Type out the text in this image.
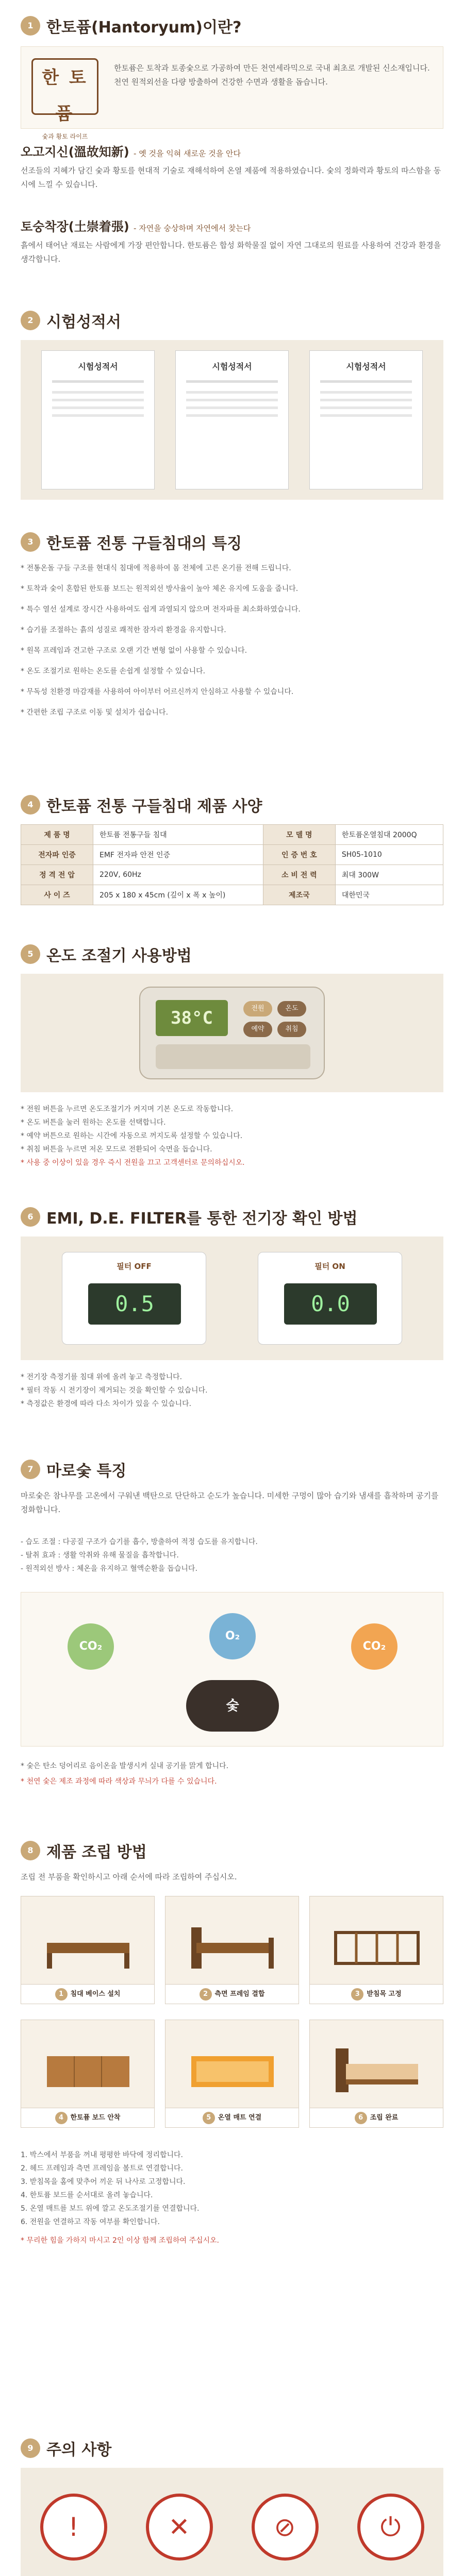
1 한토퓸(Hantoryum)이란?
한 토 퓸
숯과 황토 라이프
한토퓸은 토착과 토종숯으로 가공하여 만든 천연세라믹으로 국내 최초로 개발된 신소재입니다. 천연 원적외선을 다량 방출하여 건강한 수면과 생활을 돕습니다.
오고지신(溫故知新) - 옛 것을 익혀 새로운 것을 안다
선조들의 지혜가 담긴 숯과 황토를 현대적 기술로 재해석하여 온열 제품에 적용하였습니다. 숯의 정화력과 황토의 따스함을 동시에 느낄 수 있습니다.
토숭착장(土崇着張) - 자연을 숭상하며 자연에서 찾는다
흙에서 태어난 재료는 사람에게 가장 편안합니다. 한토퓸은 합성 화학물질 없이 자연 그대로의 원료를 사용하여 건강과 환경을 생각합니다.
2 시험성적서
시험성적서	시험성적서	시험성적서
3 한토퓸 전통 구들침대의 특징
* 전통온돌 구들 구조를 현대식 침대에 적용하여 몸 전체에 고른 온기를 전해 드립니다.
* 토착과 숯이 혼합된 한토퓸 보드는 원적외선 방사율이 높아 체온 유지에 도움을 줍니다.
* 특수 열선 설계로 장시간 사용하여도 쉽게 과열되지 않으며 전자파를 최소화하였습니다.
* 습기를 조절하는 흙의 성질로 쾌적한 잠자리 환경을 유지합니다.
* 원목 프레임과 견고한 구조로 오랜 기간 변형 없이 사용할 수 있습니다.
* 온도 조절기로 원하는 온도를 손쉽게 설정할 수 있습니다.
* 무독성 친환경 마감재를 사용하여 아이부터 어르신까지 안심하고 사용할 수 있습니다.
* 간편한 조립 구조로 이동 및 설치가 쉽습니다.
4 한토퓸 전통 구들침대 제품 사양
제 품 명	한토퓸 전통구들 침대	모 델 명	한토퓸온열침대 2000Q
전자파 인증	EMF 전자파 안전 인증	인 증 번 호	SH05-1010
정 격 전 압	220V, 60Hz	소 비 전 력	최대 300W
사 이 즈	205 x 180 x 45cm (깊이 x 폭 x 높이)	제조국	대한민국
5 온도 조절기 사용방법
38°C	전원	온도
예약	취침
* 전원 버튼을 누르면 온도조절기가 켜지며 기본 온도로 작동합니다.
* 온도 버튼을 눌러 원하는 온도를 선택합니다.
* 예약 버튼으로 원하는 시간에 자동으로 꺼지도록 설정할 수 있습니다.
* 취침 버튼을 누르면 저온 모드로 전환되어 숙면을 돕습니다.
* 사용 중 이상이 있을 경우 즉시 전원을 끄고 고객센터로 문의하십시오.
6 EMI, D.E. FILTER를 통한 전기장 확인 방법
필터 OFF
0.5
필터 ON
0.0
* 전기장 측정기를 침대 위에 올려 놓고 측정합니다.
* 필터 작동 시 전기장이 제거되는 것을 확인할 수 있습니다.
* 측정값은 환경에 따라 다소 차이가 있을 수 있습니다.
7 마로숯 특징
마로숯은 참나무를 고온에서 구워낸 백탄으로 단단하고 순도가 높습니다. 미세한 구멍이 많아 습기와 냄새를 흡착하며 공기를 정화합니다.
- 습도 조절 : 다공질 구조가 습기를 흡수, 방출하여 적정 습도를 유지합니다.
- 탈취 효과 : 생활 악취와 유해 물질을 흡착합니다.
- 원적외선 방사 : 체온을 유지하고 혈액순환을 돕습니다.
CO₂
O₂
CO₂
숯
* 숯은 탄소 덩어리로 음이온을 발생시켜 실내 공기를 맑게 합니다.
* 천연 숯은 제조 과정에 따라 색상과 무늬가 다를 수 있습니다.
8 제품 조립 방법
조립 전 부품을 확인하시고 아래 순서에 따라 조립하여 주십시오.
1 침대 베이스 설치	2 측면 프레임 결합	3 받침목 고정
4 한토퓸 보드 안착	5 온열 매트 연결	6 조립 완료
1. 박스에서 부품을 꺼내 평평한 바닥에 정리합니다.
2. 헤드 프레임과 측면 프레임을 볼트로 연결합니다.
3. 받침목을 홈에 맞추어 끼운 뒤 나사로 고정합니다.
4. 한토퓸 보드를 순서대로 올려 놓습니다.
5. 온열 매트를 보드 위에 깔고 온도조절기를 연결합니다.
6. 전원을 연결하고 작동 여부를 확인합니다.
* 무리한 힘을 가하지 마시고 2인 이상 함께 조립하여 주십시오.
9 주의 사항
!	✕	⊘	⏻
